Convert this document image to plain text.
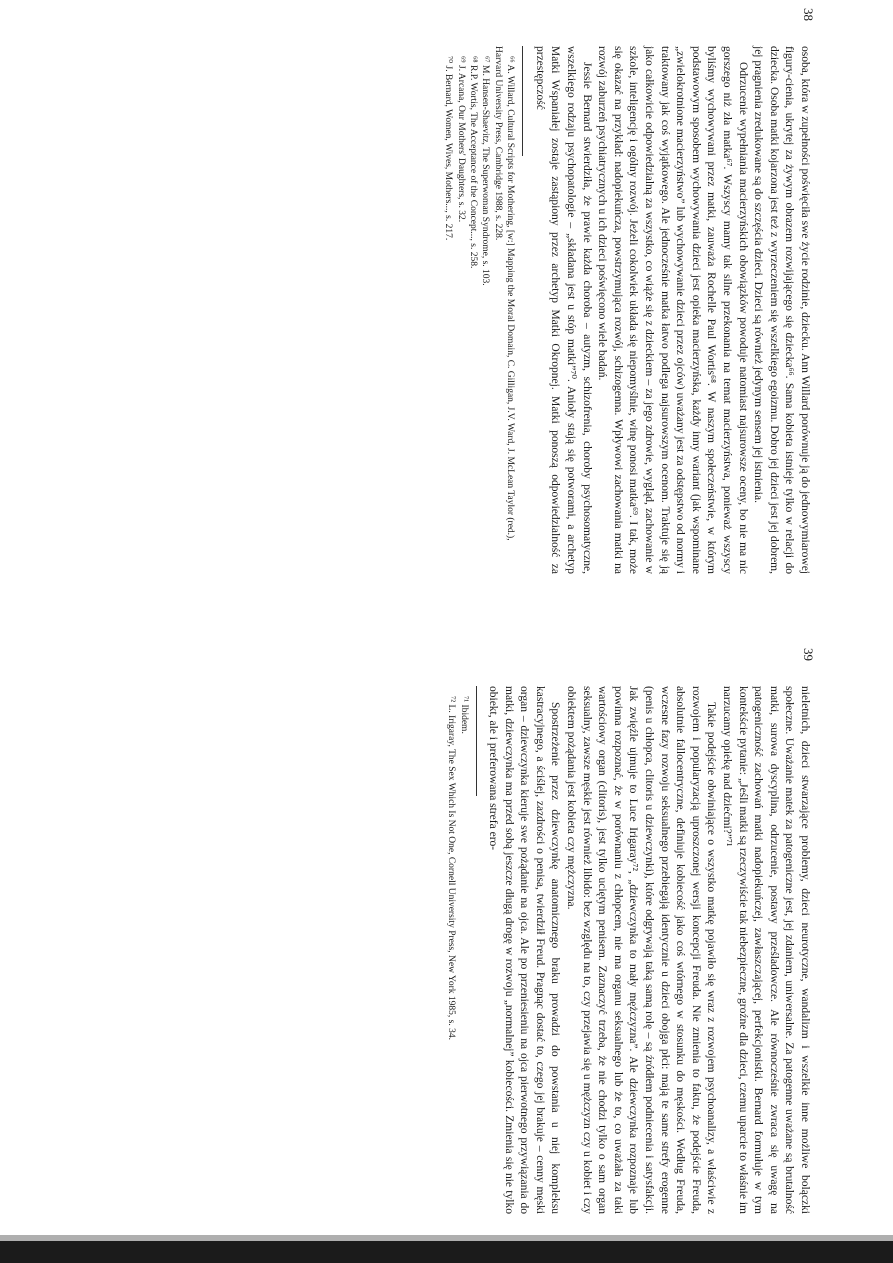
38

osoba, która w zupełności poświęciła swe życie rodzinie, dziecku. Ann Willard porównuje ją do jednowymiarowej figury-cienia, ukrytej za żywym obrazem rozwijającego się dziecka⁶⁶. Sama kobieta istnieje tylko w relacji do dziecka. Osoba matki kojarzona jest też z wyrzeczeniem się wszelkiego egoizmu. Dobro jej dzieci jest jej dobrem, jej pragnienia zredukowane są do szczęścia dzieci. Dzieci są również jedynym sensem jej istnienia.

Odrzucenie wypełniania macierzyńskich obowiązków powoduje natomiast najsurowsze oceny, bo nie ma nic gorszego niż zła matka⁶⁷. Wszyscy mamy tak silne przekonania na temat macierzyństwa, ponieważ wszyscy byliśmy wychowywani przez matki, zauważa Rochelle Paul Wortis⁶⁸. W naszym społeczeństwie, w którym podstawowym sposobem wychowywania dzieci jest opieka macierzyńska, każdy inny wariant (jak wspominane „zwielokrotnione macierzyństwo” lub wychowywanie dzieci przez ojców) uważany jest za odstępstwo od normy i traktowany jak coś wyjątkowego. Ale jednocześnie matka łatwo podlega najsurowszym ocenom. Traktuje się ją jako całkowicie odpowiedzialną za wszystko, co wiąże się z dzieckiem – za jego zdrowie, wygląd, zachowanie w szkole, inteligencję i ogólny rozwój. Jeżeli cokolwiek układa się niepomyślnie, winę ponosi matka⁶⁹. I tak, może się okazać na przykład: nadopiekuńcza, powstrzymująca rozwój, schizogenna. Wpływowi zachowania matki na rozwój zaburzeń psychiatrycznych u ich dzieci poświęcono wiele badań.

Jessie Bernard stwierdziła, że prawie każda choroba – autyzm, schizofrenia, choroby psychosomatyczne, wszelkiego rodzaju psychopatologie – „składana jest u stóp matki”⁷⁰. Anioły stają się potworami, a archetyp Matki Wspaniałej zostaje zastąpiony przez archetyp Matki Okropnej. Matki ponoszą odpowiedzialność za przestępczość

⁶⁶ A. Willard, Cultural Scripts for Mothering, [w:] Mapping the Moral Domain, C. Gilligan, J.V. Ward, J. McLean Taylor (red.), Harvard University Press, Cambridge 1988, s. 228.

⁶⁷ M. Hansen-Shaevitz, The Superwoman Syndrome, s. 103.

⁶⁸ R.P. Wortis, The Acceptance of the Concept..., s. 258.

⁶⁹ J. Arcana, Our Mothers' Daughters, s. 32.

⁷⁰ J. Bernard, Women, Wives, Mothers..., s. 217.

39

nieletnich, dzieci stwarzające problemy, dzieci neurotyczne, wandalizm i wszelkie inne możliwe bolączki społeczne. Uważanie matek za patogeniczne jest, jej zdaniem, uniwersalne. Za patogenne uważane są brutalność matki, surowa dyscyplina, odrzucenie, postawy prześladowcze. Ale równocześnie zwraca się uwagę na patogeniczność zachowań matki nadopiekuńczej, zawłaszczającej, perfekcjonistki. Bernard formułuje w tym kontekście pytanie: „Jeśli matki są rzeczywiście tak niebezpieczne, groźne dla dzieci, czemu uparcie to właśnie im narzucamy opiekę nad dziećmi?”⁷¹

Takie podejście obwiniające o wszystko matkę pojawiło się wraz z rozwojem psychoanalizy, a właściwie z rozwojem i popularyzacją uproszczonej wersji koncepcji Freuda. Nie zmienia to faktu, że podejście Freuda, absolutnie fallocentryczne, definiuje kobiecość jako coś wtórnego w stosunku do męskości. Według Freuda, wczesne fazy rozwoju seksualnego przebiegają identycznie u dzieci obojga płci: mają te same strefy erogenne (penis u chłopca, clitoris u dziewczynki), które odgrywają taką samą rolę – są źródłem podniecenia i satysfakcji. Jak zwięźle ujmuje to Luce Irigaray⁷², „dziewczynka to mały mężczyzna”. Ale dziewczynka rozpoznaje lub powinna rozpoznać, że w porównaniu z chłopcem, nie ma organu seksualnego lub że to, co uważała za taki wartościowy organ (clitoris), jest tylko uciętym penisem. Zaznaczyć trzeba, że nie chodzi tylko o sam organ seksualny, zawsze męskie jest również libido: bez względu na to, czy przejawia się u mężczyzn czy u kobiet i czy obiektem pożądania jest kobieta czy mężczyzna.

Spostrzeżenie przez dziewczynkę anatomicznego braku prowadzi do powstania u niej kompleksu kastracyjnego, a ściślej, zazdrości o penisa, twierdził Freud. Pragnąc dostać to, czego jej brakuje – cenny męski organ – dziewczynka kieruje swe pożądanie na ojca. Ale po przeniesieniu na ojca pierwotnego przywiązania do matki, dziewczynka ma przed sobą jeszcze długą drogę w rozwoju „normalnej” kobiecości. Zmienia się nie tylko obiekt, ale i preferowana strefa ero-

⁷¹ Ibidem.

⁷² L. Irigaray, The Sex Which Is Not One, Cornell University Press, New York 1985, s. 34.
